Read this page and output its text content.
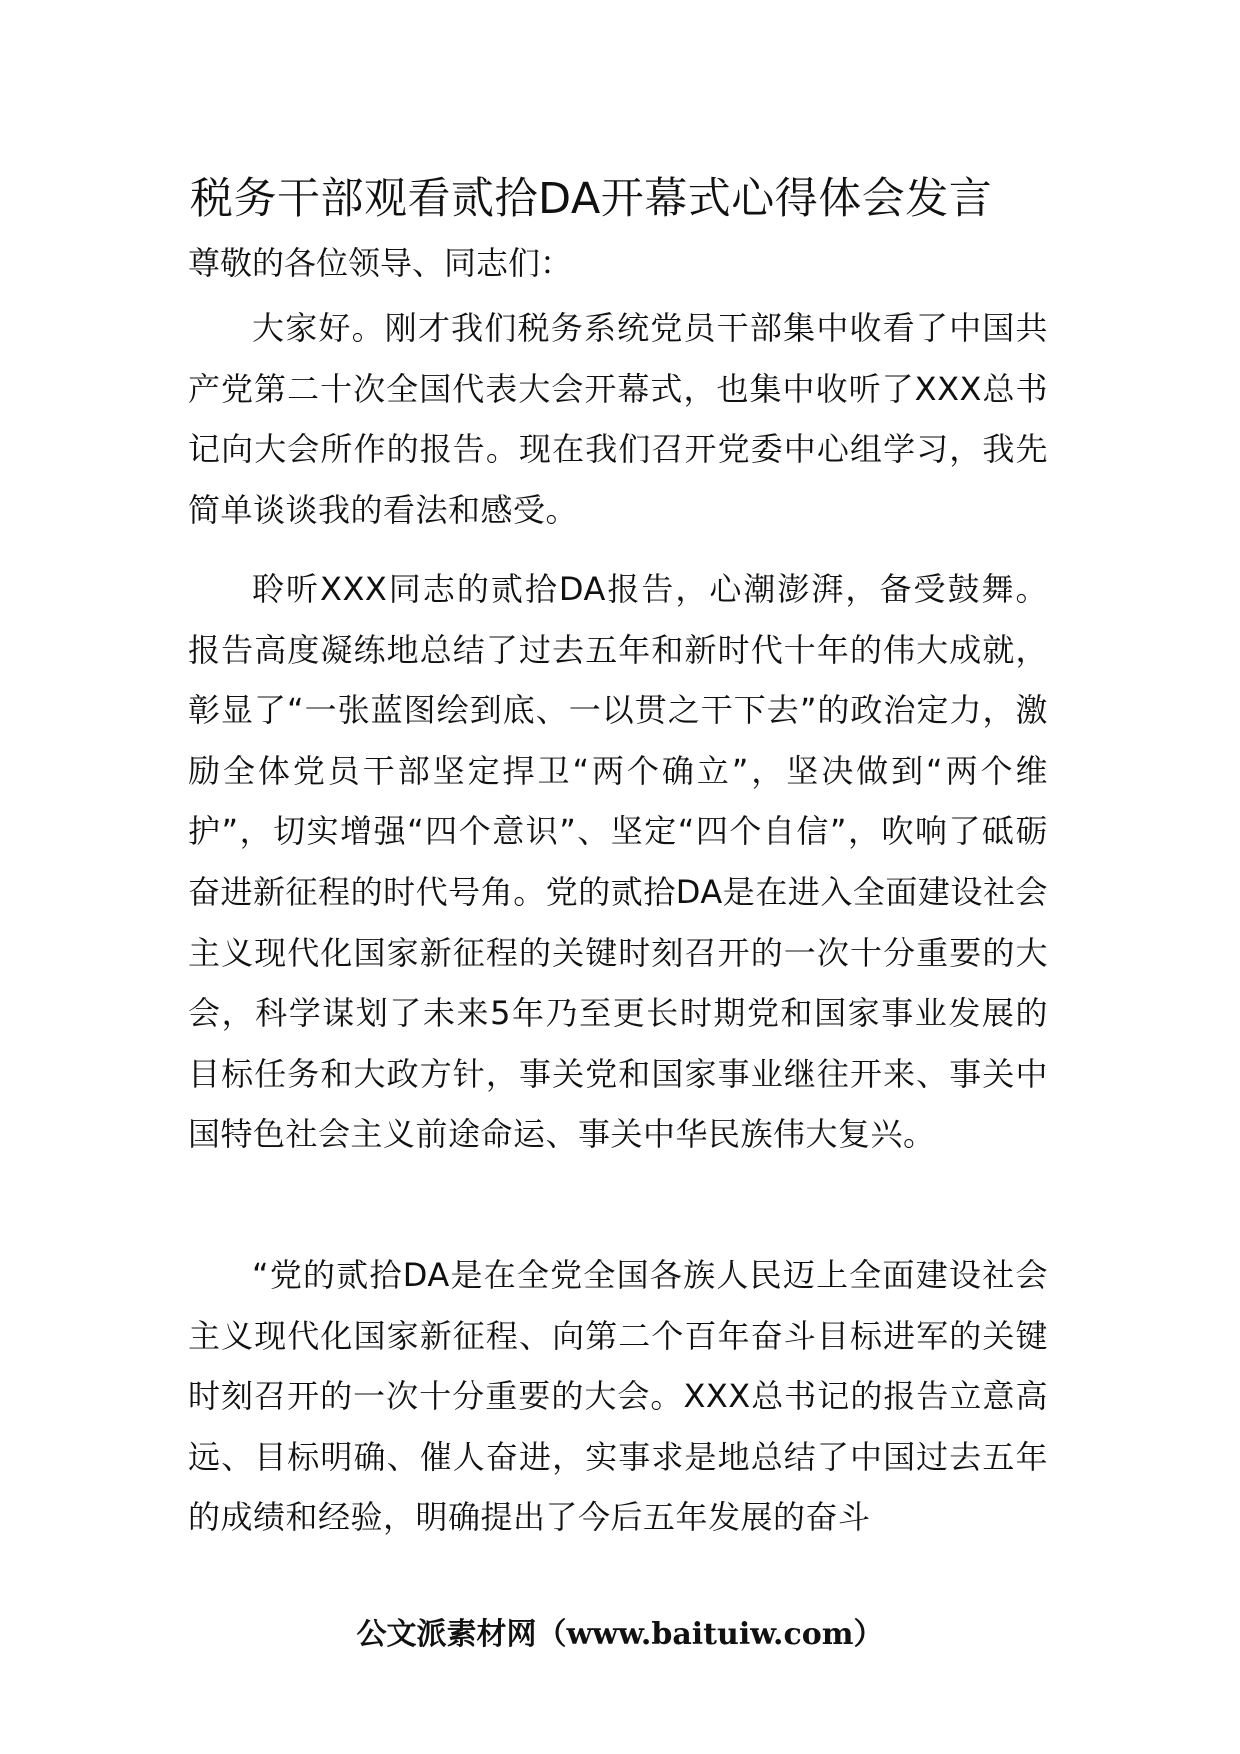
税务干部观看贰拾DA开幕式心得体会发言
尊敬的各位领导、同志们：

大家好。刚才我们税务系统党员干部集中收看了中国共产党第二十次全国代表大会开幕式，也集中收听了XXX总书记向大会所作的报告。现在我们召开党委中心组学习，我先简单谈谈我的看法和感受。

聆听XXX同志的贰拾DA报告，心潮澎湃，备受鼓舞。报告高度凝练地总结了过去五年和新时代十年的伟大成就，彰显了“一张蓝图绘到底、一以贯之干下去”的政治定力，激励全体党员干部坚定捍卫“两个确立”，坚决做到“两个维护”，切实增强“四个意识”、坚定“四个自信”，吹响了砥砺奋进新征程的时代号角。党的贰拾DA是在进入全面建设社会主义现代化国家新征程的关键时刻召开的一次十分重要的大会，科学谋划了未来5年乃至更长时期党和国家事业发展的目标任务和大政方针，事关党和国家事业继往开来、事关中国特色社会主义前途命运、事关中华民族伟大复兴。

“党的贰拾DA是在全党全国各族人民迈上全面建设社会主义现代化国家新征程、向第二个百年奋斗目标进军的关键时刻召开的一次十分重要的大会。XXX总书记的报告立意高远、目标明确、催人奋进，实事求是地总结了中国过去五年的成绩和经验，明确提出了今后五年发展的奋斗

公文派素材网（www.baituiw.com）
